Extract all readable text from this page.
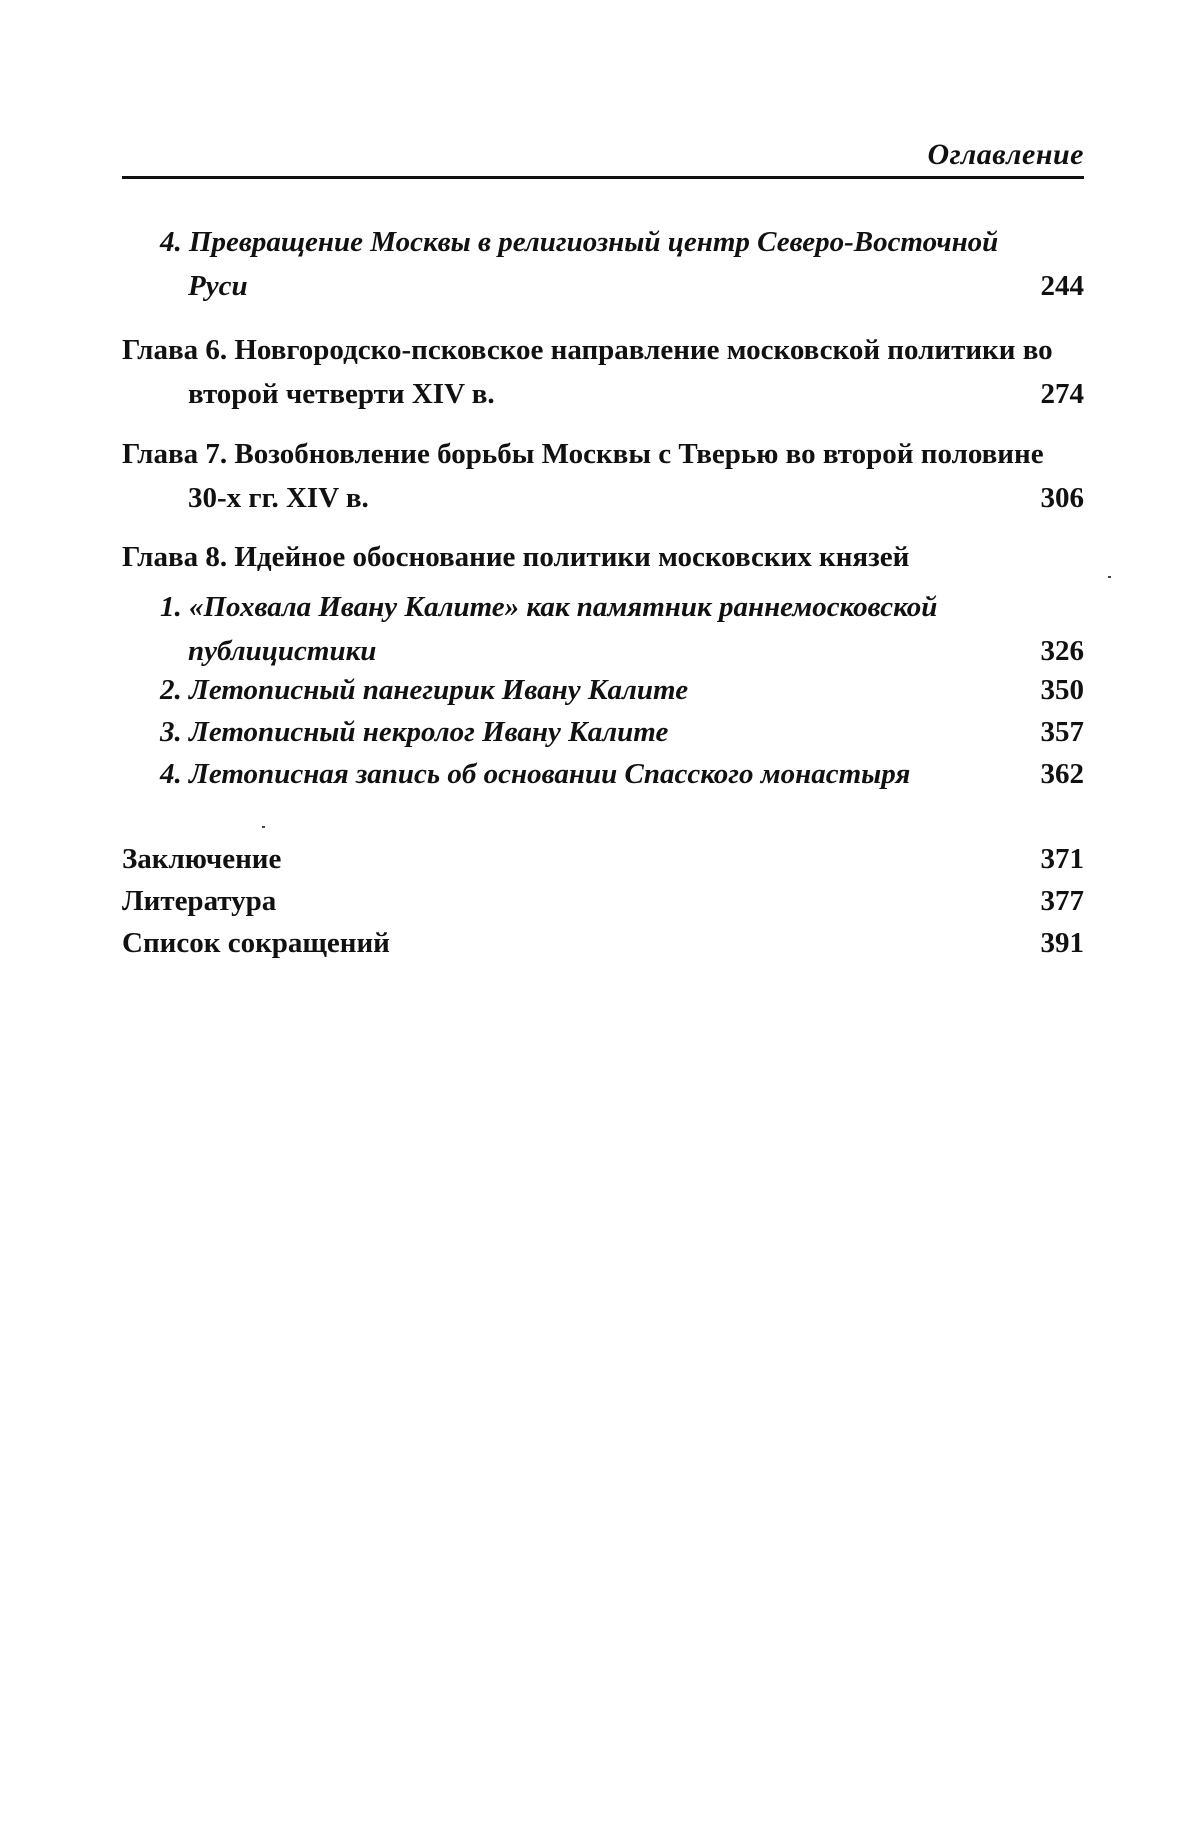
Оглавление
4. Превращение Москвы в религиозный центр Северо-Восточной Руси	244
Глава 6. Новгородско-псковское направление московской политики во второй четверти XIV в.	274
Глава 7. Возобновление борьбы Москвы с Тверью во второй половине 30-х гг. XIV в.	306
Глава 8. Идейное обоснование политики московских князей
1. «Похвала Ивану Калите» как памятник раннемосковской публицистики	326
2. Летописный панегирик Ивану Калите	350
3. Летописный некролог Ивану Калите	357
4. Летописная запись об основании Спасского монастыря	362
Заключение	371
Литература	377
Список сокращений	391
